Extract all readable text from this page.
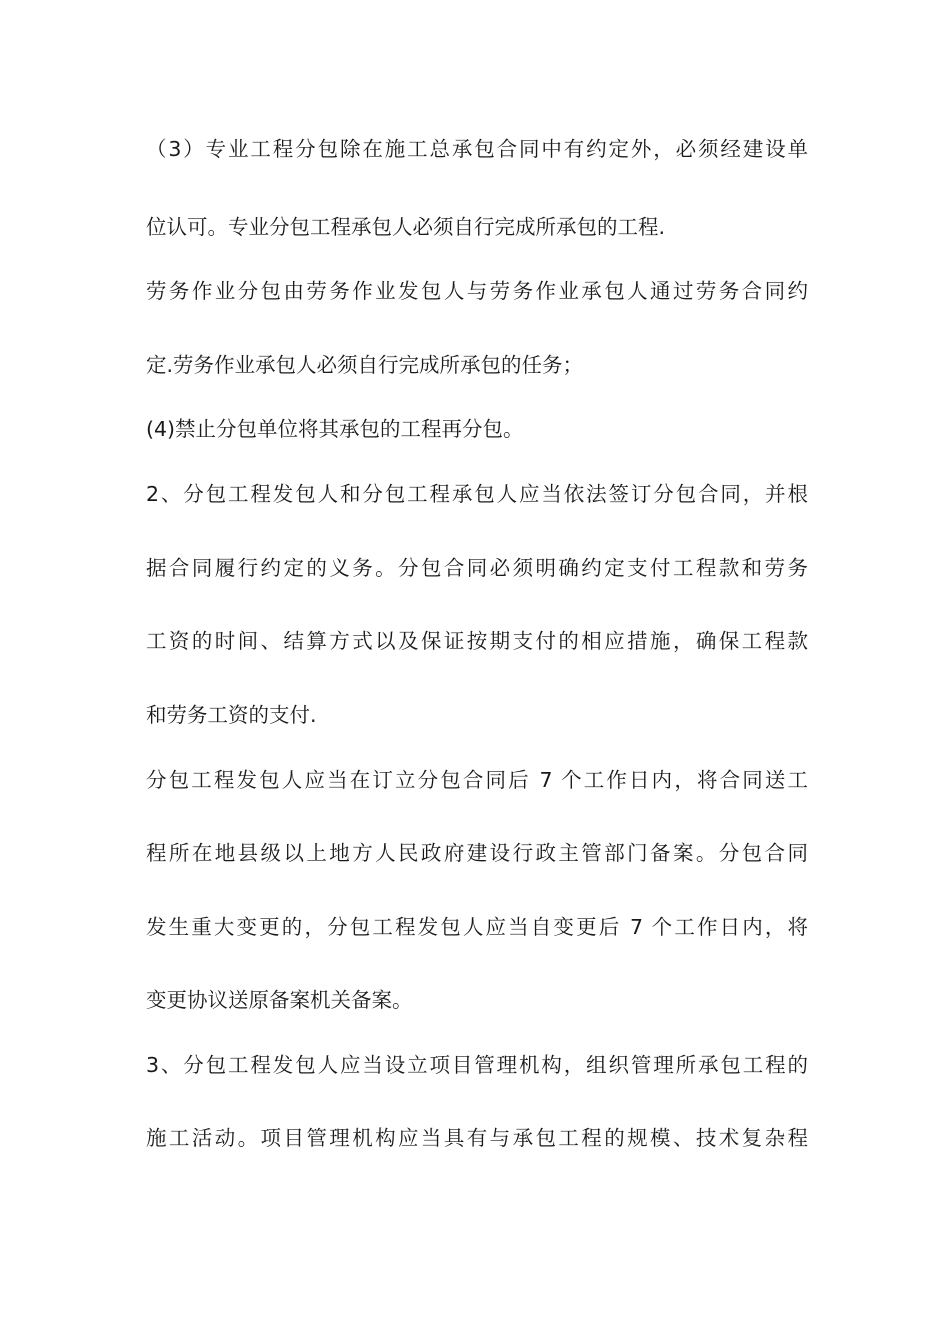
（3）专业工程分包除在施工总承包合同中有约定外，必须经建设单
位认可。专业分包工程承包人必须自行完成所承包的工程.
劳务作业分包由劳务作业发包人与劳务作业承包人通过劳务合同约
定.劳务作业承包人必须自行完成所承包的任务；
(4)禁止分包单位将其承包的工程再分包。
2、分包工程发包人和分包工程承包人应当依法签订分包合同，并根
据合同履行约定的义务。分包合同必须明确约定支付工程款和劳务
工资的时间、结算方式以及保证按期支付的相应措施，确保工程款
和劳务工资的支付.
分包工程发包人应当在订立分包合同后 7 个工作日内，将合同送工
程所在地县级以上地方人民政府建设行政主管部门备案。分包合同
发生重大变更的，分包工程发包人应当自变更后 7 个工作日内，将
变更协议送原备案机关备案。
3、分包工程发包人应当设立项目管理机构，组织管理所承包工程的
施工活动。项目管理机构应当具有与承包工程的规模、技术复杂程
